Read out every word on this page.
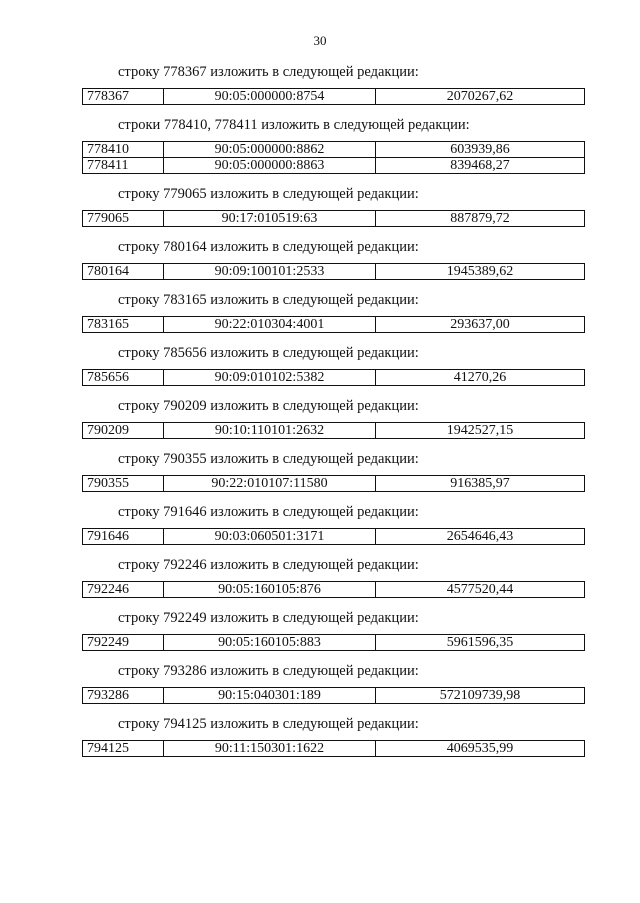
30
строку 778367 изложить в следующей редакции:
778367	90:05:000000:8754	2070267,62
строки 778410, 778411 изложить в следующей редакции:
778410	90:05:000000:8862	603939,86
778411	90:05:000000:8863	839468,27
строку 779065 изложить в следующей редакции:
779065	90:17:010519:63	887879,72
строку 780164 изложить в следующей редакции:
780164	90:09:100101:2533	1945389,62
строку 783165 изложить в следующей редакции:
783165	90:22:010304:4001	293637,00
строку 785656 изложить в следующей редакции:
785656	90:09:010102:5382	41270,26
строку 790209 изложить в следующей редакции:
790209	90:10:110101:2632	1942527,15
строку 790355 изложить в следующей редакции:
790355	90:22:010107:11580	916385,97
строку 791646 изложить в следующей редакции:
791646	90:03:060501:3171	2654646,43
строку 792246 изложить в следующей редакции:
792246	90:05:160105:876	4577520,44
строку 792249 изложить в следующей редакции:
792249	90:05:160105:883	5961596,35
строку 793286 изложить в следующей редакции:
793286	90:15:040301:189	572109739,98
строку 794125 изложить в следующей редакции:
794125	90:11:150301:1622	4069535,99
